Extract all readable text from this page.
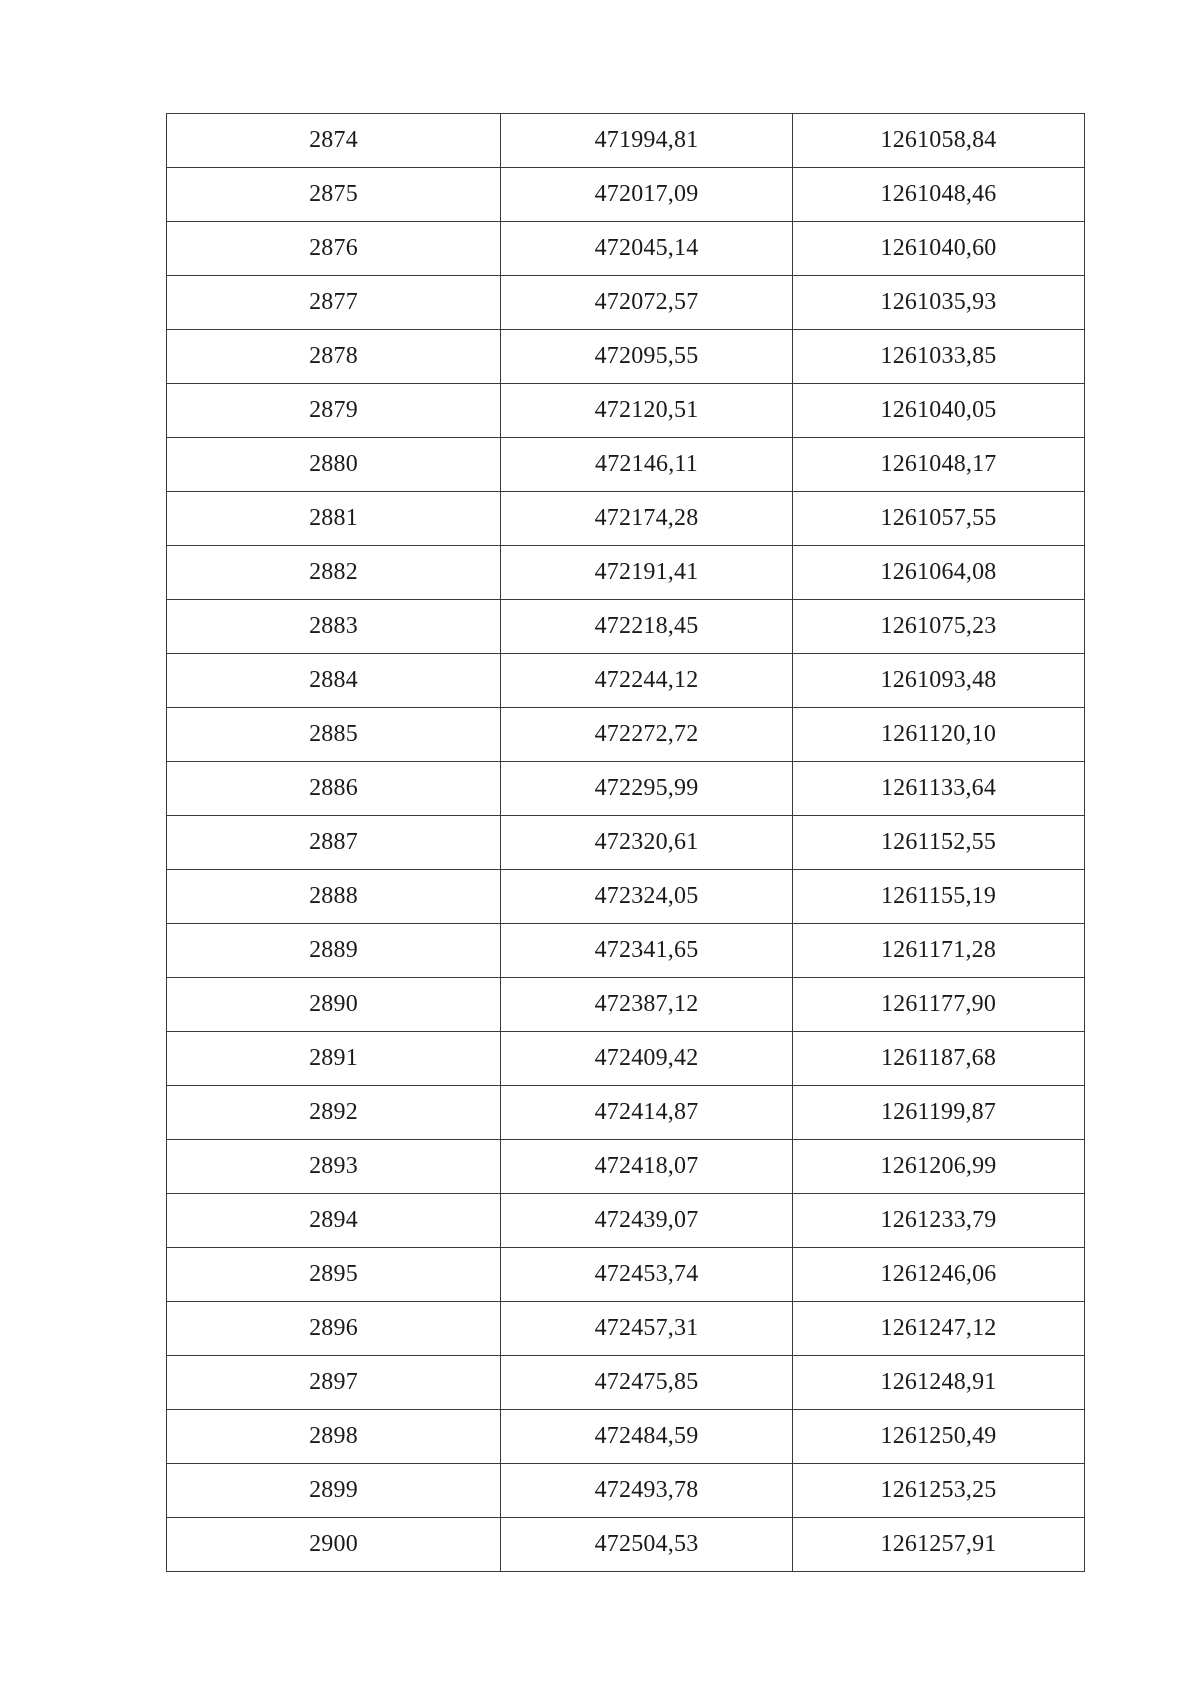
2874	471994,81	1261058,84
2875	472017,09	1261048,46
2876	472045,14	1261040,60
2877	472072,57	1261035,93
2878	472095,55	1261033,85
2879	472120,51	1261040,05
2880	472146,11	1261048,17
2881	472174,28	1261057,55
2882	472191,41	1261064,08
2883	472218,45	1261075,23
2884	472244,12	1261093,48
2885	472272,72	1261120,10
2886	472295,99	1261133,64
2887	472320,61	1261152,55
2888	472324,05	1261155,19
2889	472341,65	1261171,28
2890	472387,12	1261177,90
2891	472409,42	1261187,68
2892	472414,87	1261199,87
2893	472418,07	1261206,99
2894	472439,07	1261233,79
2895	472453,74	1261246,06
2896	472457,31	1261247,12
2897	472475,85	1261248,91
2898	472484,59	1261250,49
2899	472493,78	1261253,25
2900	472504,53	1261257,91
